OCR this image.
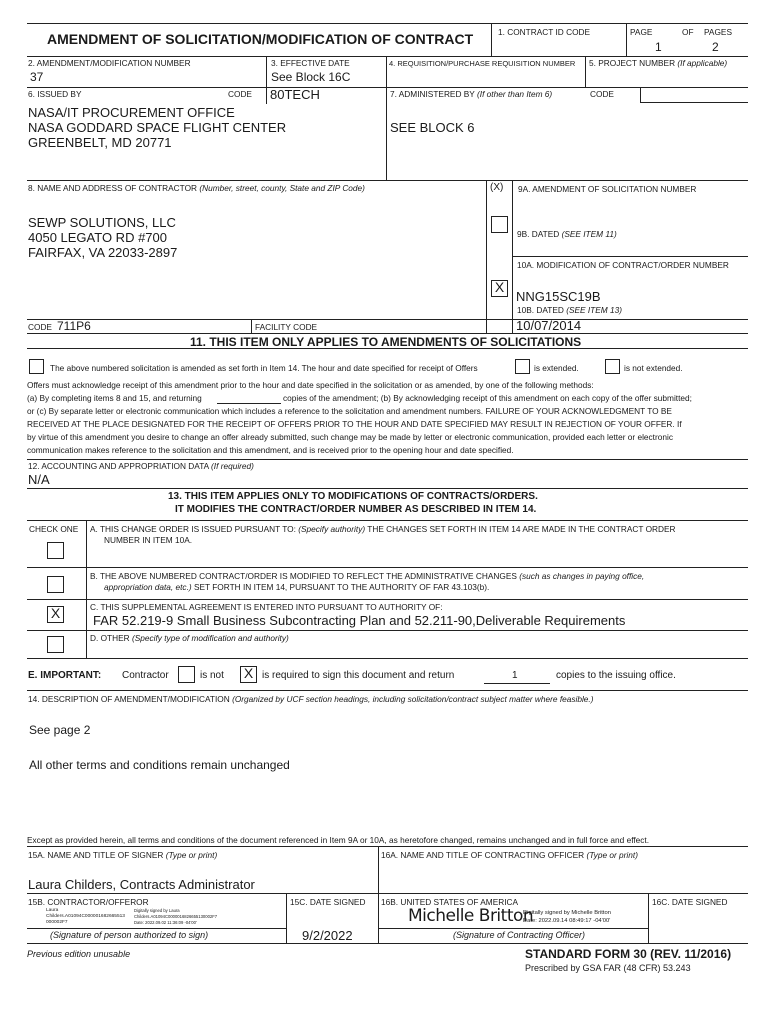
AMENDMENT OF SOLICITATION/MODIFICATION OF CONTRACT	1. CONTRACT ID CODE	PAGE	OF PAGES
1	2
2. AMENDMENT/MODIFICATION NUMBER
37
3. EFFECTIVE DATE
See Block 16C
4. REQUISITION/PURCHASE REQUISITION NUMBER 5. PROJECT NUMBER (If applicable)
6. ISSUED BY	CODE 80TECH
NASA/IT PROCUREMENT OFFICE
NASA GODDARD SPACE FLIGHT CENTER
GREENBELT, MD 20771
7. ADMINISTERED BY (If other than Item 6)	CODE
SEE BLOCK 6
8. NAME AND ADDRESS OF CONTRACTOR (Number, street, county, State and ZIP Code)	(X) 9A. AMENDMENT OF SOLICITATION NUMBER
SEWP SOLUTIONS, LLC
4050 LEGATO RD #700
FAIRFAX, VA 22033-2897
9B. DATED (SEE ITEM 11)
10A. MODIFICATION OF CONTRACT/ORDER NUMBER
X
NNG15SC19B
10B. DATED (SEE ITEM 13)
10/07/2014
CODE 711P6	FACILITY CODE
11. THIS ITEM ONLY APPLIES TO AMENDMENTS OF SOLICITATIONS
The above numbered solicitation is amended as set forth in Item 14. The hour and date specified for receipt of Offers	is extended.	is not extended.
Offers must acknowledge receipt of this amendment prior to the hour and date specified in the solicitation or as amended, by one of the following methods:
(a) By completing items 8 and 15, and returning	copies of the amendment; (b) By acknowledging receipt of this amendment on each copy of the offer submitted;
or (c) By separate letter or electronic communication which includes a reference to the solicitation and amendment numbers. FAILURE OF YOUR ACKNOWLEDGMENT TO BE
RECEIVED AT THE PLACE DESIGNATED FOR THE RECEIPT OF OFFERS PRIOR TO THE HOUR AND DATE SPECIFIED MAY RESULT IN REJECTION OF YOUR OFFER. If
by virtue of this amendment you desire to change an offer already submitted, such change may be made by letter or electronic communication, provided each letter or electronic
communication makes reference to the solicitation and this amendment, and is received prior to the opening hour and date specified.
12. ACCOUNTING AND APPROPRIATION DATA (If required)
N/A
13. THIS ITEM APPLIES ONLY TO MODIFICATIONS OF CONTRACTS/ORDERS.
IT MODIFIES THE CONTRACT/ORDER NUMBER AS DESCRIBED IN ITEM 14.
CHECK ONE A. THIS CHANGE ORDER IS ISSUED PURSUANT TO: (Specify authority) THE CHANGES SET FORTH IN ITEM 14 ARE MADE IN THE CONTRACT ORDER
NUMBER IN ITEM 10A.
B. THE ABOVE NUMBERED CONTRACT/ORDER IS MODIFIED TO REFLECT THE ADMINISTRATIVE CHANGES (such as changes in paying office,
appropriation data, etc.) SET FORTH IN ITEM 14, PURSUANT TO THE AUTHORITY OF FAR 43.103(b).
C. THIS SUPPLEMENTAL AGREEMENT IS ENTERED INTO PURSUANT TO AUTHORITY OF:
X	FAR 52.219-9 Small Business Subcontracting Plan and 52.211-90,Deliverable Requirements
D. OTHER (Specify type of modification and authority)
E. IMPORTANT: Contractor	is not X is required to sign this document and return	1	copies to the issuing office.
14. DESCRIPTION OF AMENDMENT/MODIFICATION (Organized by UCF section headings, including solicitation/contract subject matter where feasible.)
See page 2
All other terms and conditions remain unchanged
Except as provided herein, all terms and conditions of the document referenced in Item 9A or 10A, as heretofore changed, remains unchanged and in full force and effect.
15A. NAME AND TITLE OF SIGNER (Type or print)	16A. NAME AND TITLE OF CONTRACTING OFFICER (Type or print)
Laura Childers, Contracts Administrator
15B. CONTRACTOR/OFFEROR
Laura
Childers.A01094C000001682665513
000002F7
Digitally signed by Laura
Childers.A01094C0000016826655130002F7
Date: 2022.09.02 11:36:09 -04'00'
(Signature of person authorized to sign)
15C. DATE SIGNED
9/2/2022
16B. UNITED STATES OF AMERICA
Michelle Britton
Digitally signed by Michelle Britton
Date: 2022.09.14 08:49:17 -04'00'
(Signature of Contracting Officer)
16C. DATE SIGNED
Previous edition unusable	STANDARD FORM 30 (REV. 11/2016)
Prescribed by GSA FAR (48 CFR) 53.243
